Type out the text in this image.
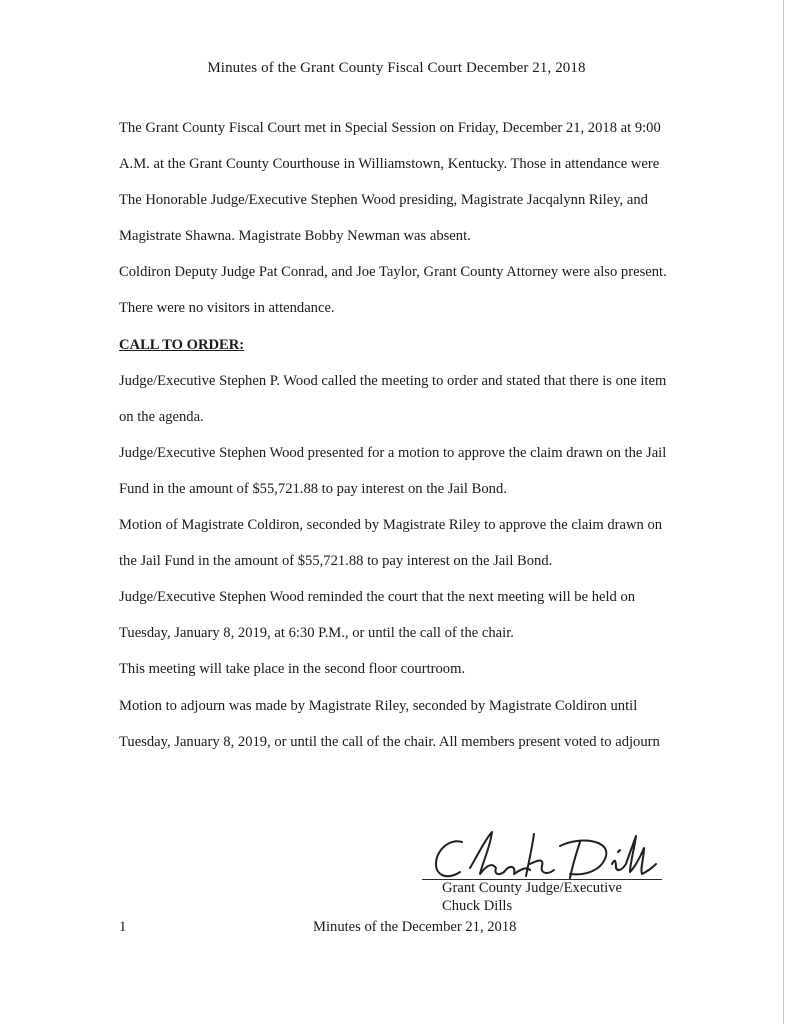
Minutes of the Grant County Fiscal Court December 21, 2018

The Grant County Fiscal Court met in Special Session on Friday, December 21, 2018 at 9:00 A.M. at the Grant County Courthouse in Williamstown, Kentucky. Those in attendance were The Honorable Judge/Executive Stephen Wood presiding, Magistrate Jacqalynn Riley, and Magistrate Shawna. Magistrate Bobby Newman was absent.

Coldiron Deputy Judge Pat Conrad, and Joe Taylor, Grant County Attorney were also present. There were no visitors in attendance.

CALL TO ORDER:

Judge/Executive Stephen P. Wood called the meeting to order and stated that there is one item on the agenda.

Judge/Executive Stephen Wood presented for a motion to approve the claim drawn on the Jail Fund in the amount of $55,721.88 to pay interest on the Jail Bond.

Motion of Magistrate Coldiron, seconded by Magistrate Riley to approve the claim drawn on the Jail Fund in the amount of $55,721.88 to pay interest on the Jail Bond.

Judge/Executive Stephen Wood reminded the court that the next meeting will be held on Tuesday, January 8, 2019, at 6:30 P.M., or until the call of the chair.

This meeting will take place in the second floor courtroom.

Motion to adjourn was made by Magistrate Riley, seconded by Magistrate Coldiron until Tuesday, January 8, 2019, or until the call of the chair. All members present voted to adjourn

Grant County Judge/Executive
Chuck Dills
1	Minutes of the December 21, 2018
